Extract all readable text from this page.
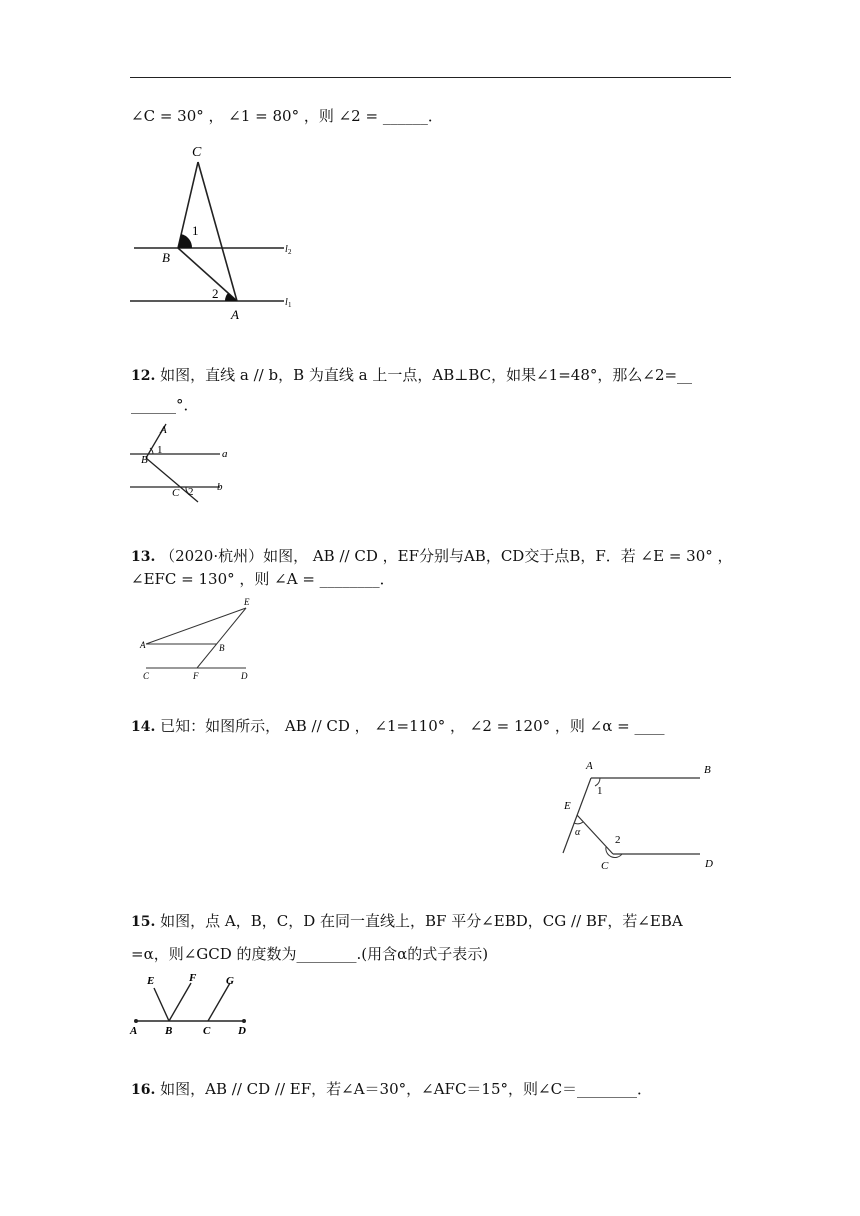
∠C = 30° ， ∠1 = 80° ，则 ∠2 = ______．
C
B
A
1
2
l 2
l 1
12. 如图，直线 a // b，B 为直线 a 上一点，AB⊥BC，如果∠1=48°，那么∠2=__
______°．
A
B
C
1
2
a
b
13. （2020·杭州）如图， AB // CD ，EF分别与AB，CD交于点B，F．若 ∠E = 30° ，
∠EFC = 130° ，则 ∠A = ________．
E
A	B
C	F	D
14. 已知：如图所示， AB // CD ， ∠1=110° ， ∠2 = 120° ，则 ∠α = ____
A	B
E
1
α
2
C	D
15. 如图，点 A，B，C，D 在同一直线上，BF 平分∠EBD，CG // BF，若∠EBA
=α，则∠GCD 的度数为________.(用含α的式子表示)
E	F	G
A	B	C	D
16. 如图，AB // CD // EF，若∠A＝30°，∠AFC＝15°，则∠C＝________．
